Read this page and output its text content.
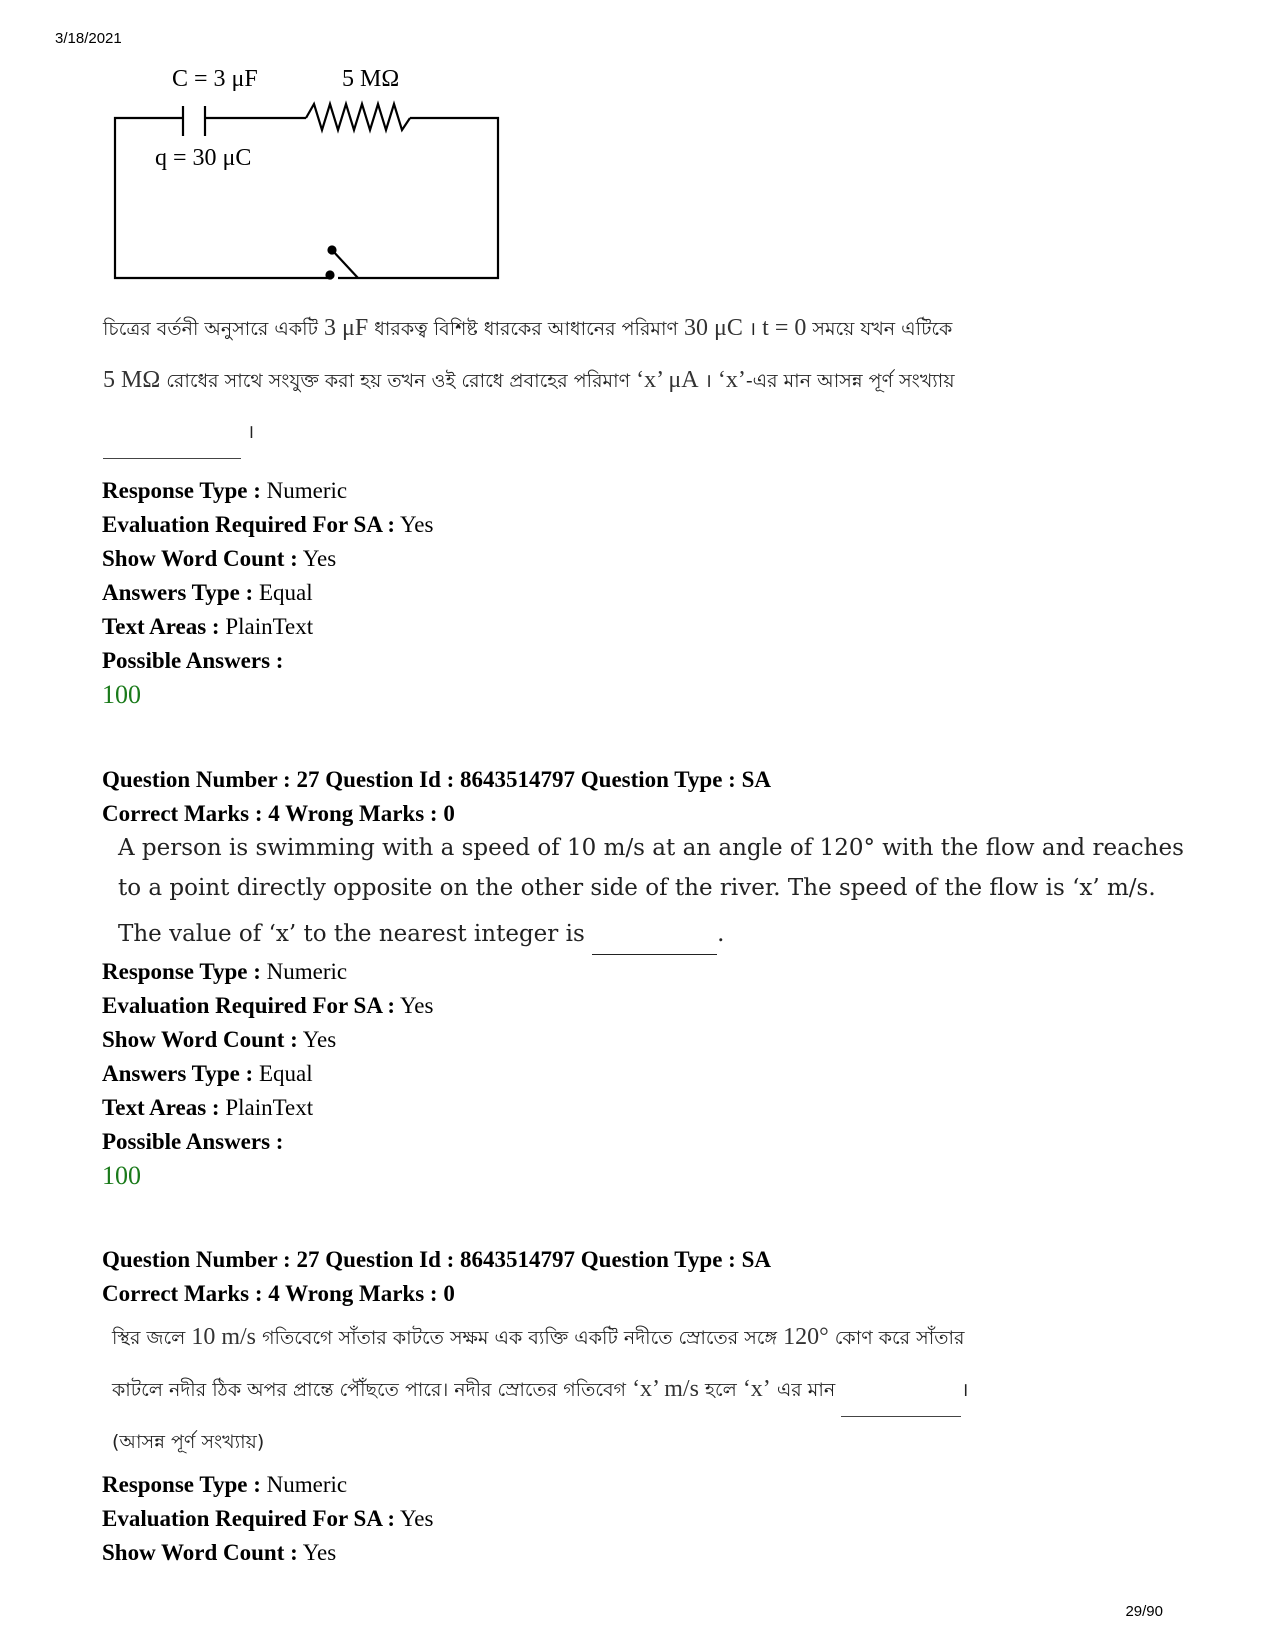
3/18/2021
C = 3 μF	5 MΩ
q = 30 μC
চিত্রের বর্তনী অনুসারে একটি 3 μF ধারকত্ব বিশিষ্ট ধারকের আধানের পরিমাণ 30 μC । t = 0 সময়ে যখন এটিকে
5 MΩ রোধের সাথে সংযুক্ত করা হয় তখন ওই রোধে প্রবাহের পরিমাণ ‘x’ μA । ‘x’-এর মান আসন্ন পূর্ণ সংখ্যায়
।
Response Type : Numeric
Evaluation Required For SA : Yes
Show Word Count : Yes
Answers Type : Equal
Text Areas : PlainText
Possible Answers :
100
Question Number : 27 Question Id : 8643514797 Question Type : SA
Correct Marks : 4 Wrong Marks : 0
A person is swimming with a speed of 10 m/s at an angle of 120° with the flow and reaches
to a point directly opposite on the other side of the river. The speed of the flow is ‘x’ m/s.
The value of ‘x’ to the nearest integer is	.
Response Type : Numeric
Evaluation Required For SA : Yes
Show Word Count : Yes
Answers Type : Equal
Text Areas : PlainText
Possible Answers :
100
Question Number : 27 Question Id : 8643514797 Question Type : SA
Correct Marks : 4 Wrong Marks : 0
স্থির জলে 10 m/s গতিবেগে সাঁতার কাটতে সক্ষম এক ব্যক্তি একটি নদীতে স্রোতের সঙ্গে 120° কোণ করে সাঁতার
কাটলে নদীর ঠিক অপর প্রান্তে পৌঁছতে পারে। নদীর স্রোতের গতিবেগ ‘x’ m/s হলে ‘x’ এর মান	।
(আসন্ন পূর্ণ সংখ্যায়)
Response Type : Numeric
Evaluation Required For SA : Yes
Show Word Count : Yes
29/90
